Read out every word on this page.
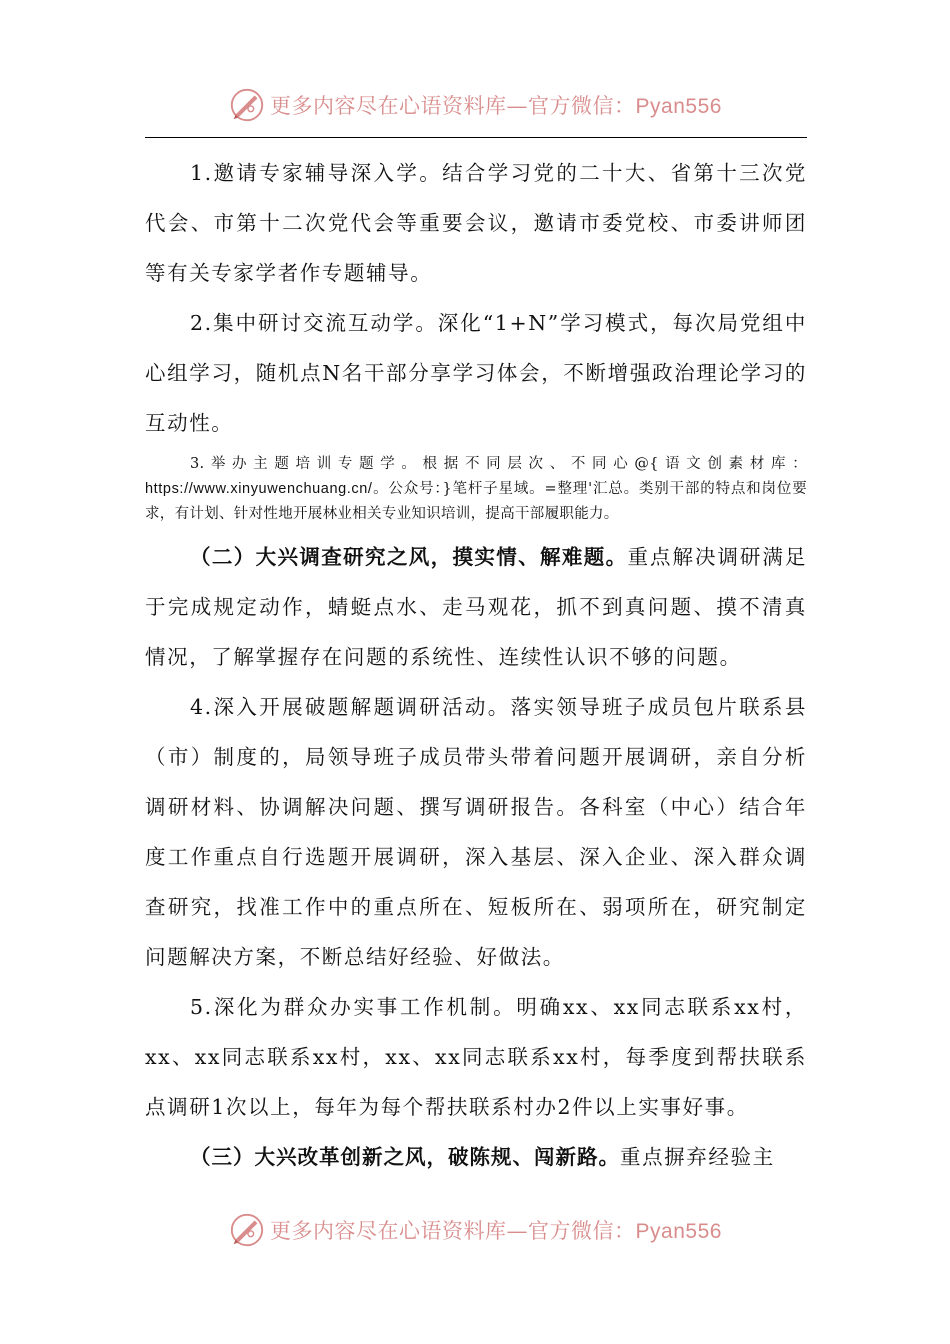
更多内容尽在心语资料库—官方微信：Pyan556

1.邀请专家辅导深入学。结合学习党的二十大、省第十三次党代会、市第十二次党代会等重要会议，邀请市委党校、市委讲师团等有关专家学者作专题辅导。

2.集中研讨交流互动学。深化“1+N”学习模式，每次局党组中心组学习，随机点N名干部分享学习体会，不断增强政治理论学习的互动性。

3.举办主题培训专题学。根据不同层次、不同心@{语文创素材库： https://www.xinyuwenchuang.cn/。公众号：}笔杆子星域。=整理'汇总。类别干部的特点和岗位要求，有计划、针对性地开展林业相关专业知识培训，提高干部履职能力。

（二）大兴调查研究之风，摸实情、解难题。重点解决调研满足于完成规定动作，蜻蜓点水、走马观花，抓不到真问题、摸不清真情况，了解掌握存在问题的系统性、连续性认识不够的问题。

4.深入开展破题解题调研活动。落实领导班子成员包片联系县（市）制度的，局领导班子成员带头带着问题开展调研，亲自分析调研材料、协调解决问题、撰写调研报告。各科室（中心）结合年度工作重点自行选题开展调研，深入基层、深入企业、深入群众调查研究，找准工作中的重点所在、短板所在、弱项所在，研究制定问题解决方案，不断总结好经验、好做法。

5.深化为群众办实事工作机制。明确xx、xx同志联系xx村，xx、xx同志联系xx村，xx、xx同志联系xx村，每季度到帮扶联系点调研1次以上，每年为每个帮扶联系村办2件以上实事好事。

（三）大兴改革创新之风，破陈规、闯新路。重点摒弃经验主

更多内容尽在心语资料库—官方微信：Pyan556
